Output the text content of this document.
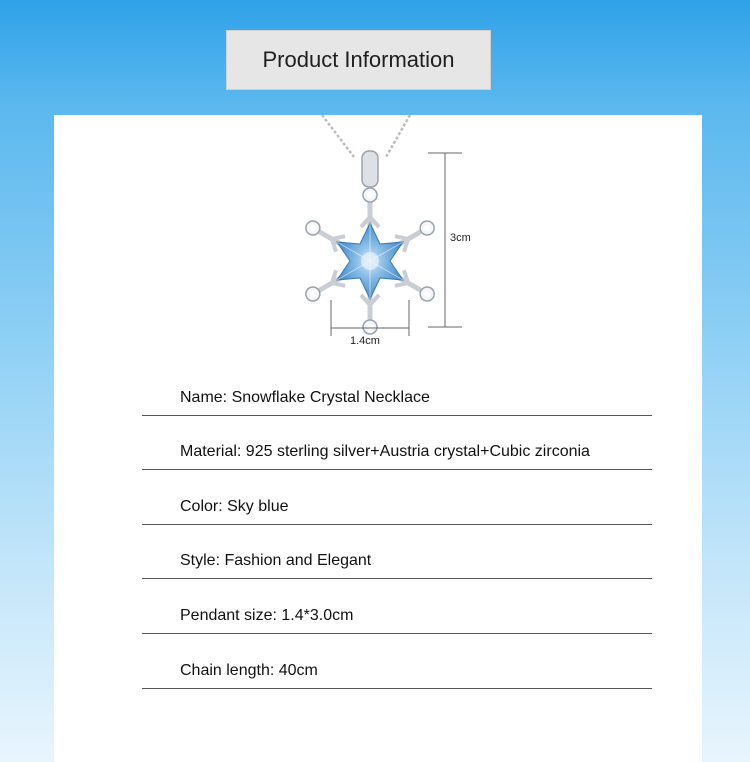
Product Information
3cm
1.4cm
Name: Snowflake Crystal Necklace
Material: 925 sterling silver+Austria crystal+Cubic zirconia
Color: Sky blue
Style: Fashion and Elegant
Pendant size: 1.4*3.0cm
Chain length: 40cm
